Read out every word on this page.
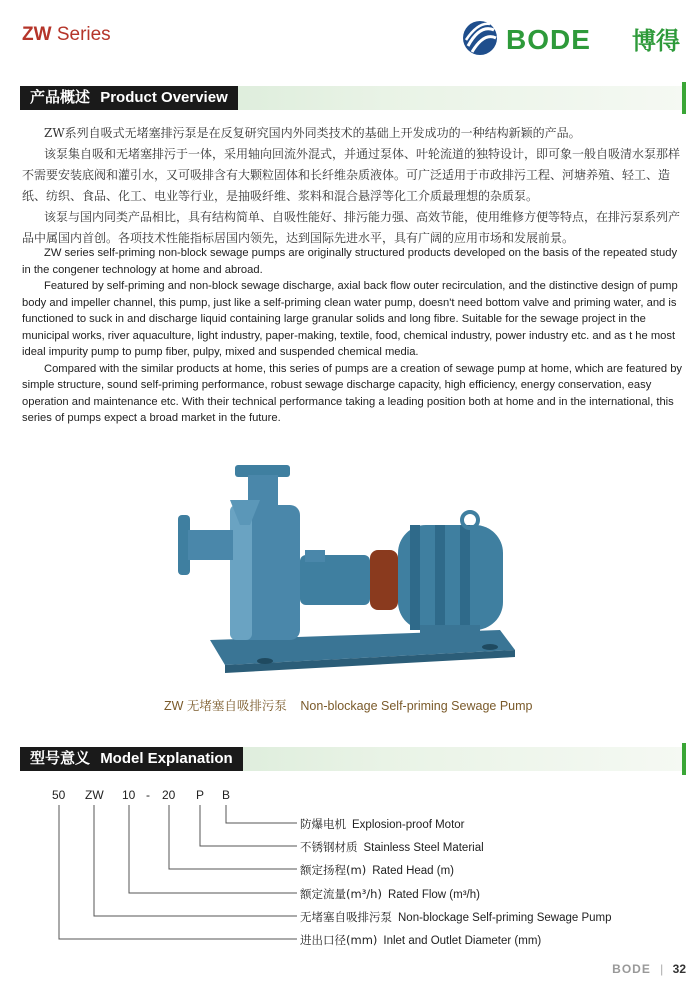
ZW Series	BODE 博得
产品概述 Product Overview

ZW系列自吸式无堵塞排污泵是在反复研究国内外同类技术的基础上开发成功的一种结构新颖的产品。

该泵集自吸和无堵塞排污于一体，采用轴向回流外混式，并通过泵体、叶轮流道的独特设计，即可象一般自吸清水泵那样不需要安装底阀和灌引水，又可吸排含有大颗粒固体和长纤维杂质液体。可广泛适用于市政排污工程、河塘养殖、轻工、造纸、纺织、食品、化工、电业等行业，是抽吸纤维、浆料和混合悬浮等化工介质最理想的杂质泵。

该泵与国内同类产品相比，具有结构简单、自吸性能好、排污能力强、高效节能，使用维修方便等特点，在排污泵系列产品中属国内首创。各项技术性能指标居国内领先，达到国际先进水平，具有广阔的应用市场和发展前景。

ZW series self-priming non-block sewage pumps are originally structured products developed on the basis of the repeated study in the congener technology at home and abroad.

Featured by self-priming and non-block sewage discharge, axial back flow outer recirculation, and the distinctive design of pump body and impeller channel, this pump, just like a self-priming clean water pump, doesn't need bottom valve and priming water, and is functioned to suck in and discharge liquid containing large granular solids and long fibre. Suitable for the sewage project in the municipal works, river aquaculture, light industry, paper-making, textile, food, chemical industry, power industry etc. and as t he most ideal impurity pump to pump fiber, pulpy, mixed and suspended chemical media.

Compared with the similar products at home, this series of pumps are a creation of sewage pump at home, which are featured by simple structure, sound self-priming performance, robust sewage discharge capacity, high efficiency, energy conservation, easy operation and maintenance etc. With their technical performance taking a leading position both at home and in the international, this series of pumps expect a broad market in the future.

ZW 无堵塞自吸排污泵 Non-blockage Self-priming Sewage Pump
型号意义 Model Explanation
50 ZW 10 - 20 P B
防爆电机 Explosion-proof Motor
不锈钢材质 Stainless Steel Material
额定扬程(m) Rated Head (m)
额定流量(m³/h) Rated Flow (m³/h)
无堵塞自吸排污泵 Non-blockage Self-priming Sewage Pump
进出口径(mm) Inlet and Outlet Diameter (mm)
BODE | 32
